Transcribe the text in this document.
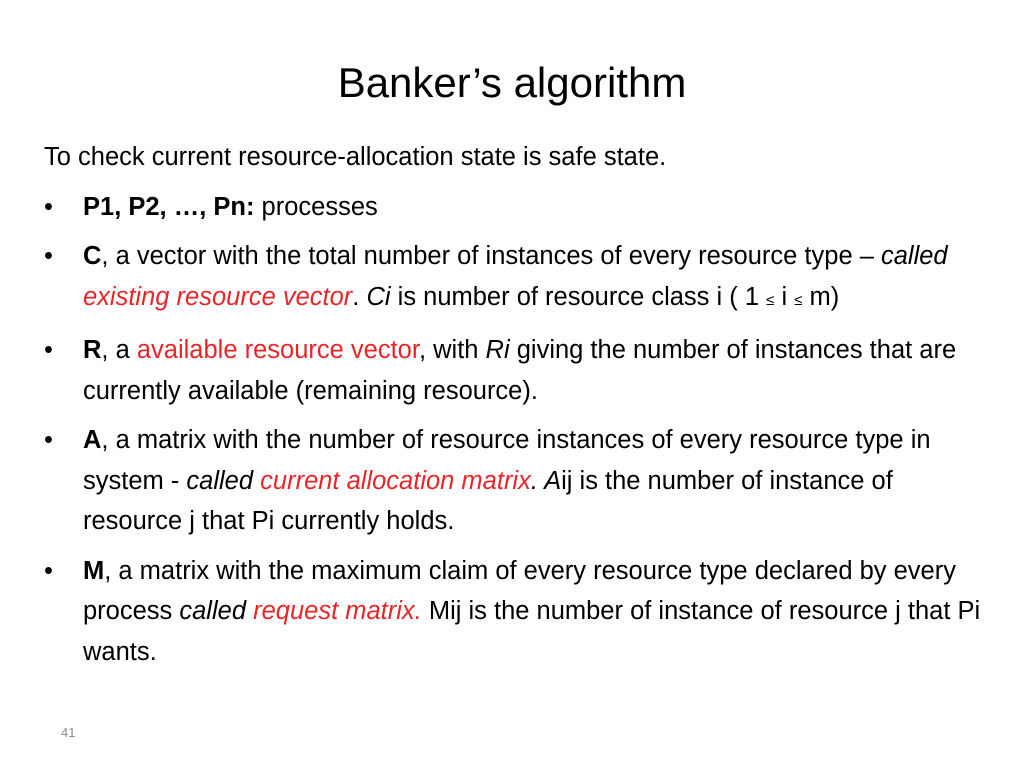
Banker’s algorithm

To check current resource-allocation state is safe state.

•	P1, P2, …, Pn: processes
•	C, a vector with the total number of instances of every resource type – called existing resource vector. Ci is number of resource class i ( 1 ≤ i ≤ m)
•	R, a available resource vector, with Ri giving the number of instances that are currently available (remaining resource).
•	A, a matrix with the number of resource instances of every resource type in system - called current allocation matrix. Aij is the number of instance of resource j that Pi currently holds.
•	M, a matrix with the maximum claim of every resource type declared by every process called request matrix. Mij is the number of instance of resource j that Pi wants.
41
